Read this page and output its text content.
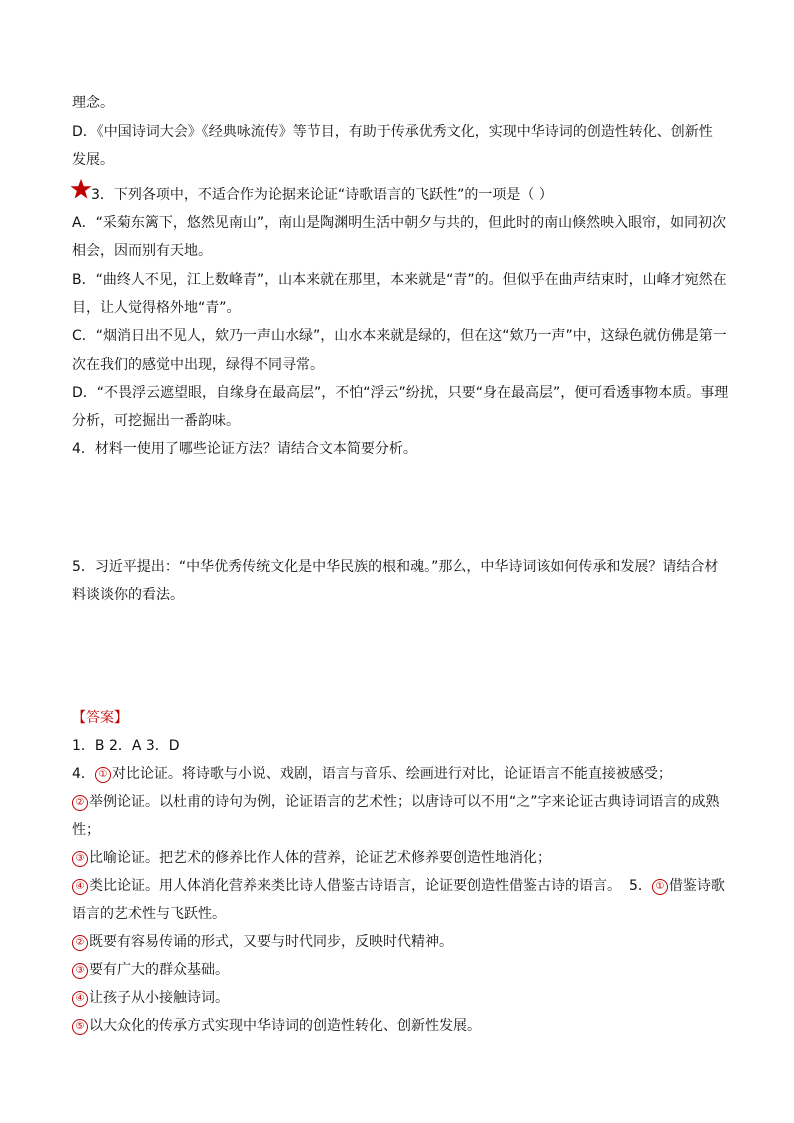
理念。
D．《中国诗词大会》《经典咏流传》等节目，有助于传承优秀文化，实现中华诗词的创造性转化、创新性
发展。
3．下列各项中，不适合作为论据来论证“诗歌语言的飞跃性”的一项是（ ）
A．“采菊东篱下，悠然见南山”，南山是陶渊明生活中朝夕与共的，但此时的南山倏然映入眼帘，如同初次
相会，因而别有天地。
B．“曲终人不见，江上数峰青”，山本来就在那里，本来就是“青”的。但似乎在曲声结束时，山峰才宛然在
目，让人觉得格外地“青”。
C．“烟消日出不见人，欸乃一声山水绿”，山水本来就是绿的，但在这“欸乃一声”中，这绿色就仿佛是第一
次在我们的感觉中出现，绿得不同寻常。
D．“不畏浮云遮望眼，自缘身在最高层”，不怕“浮云”纷扰，只要“身在最高层”，便可看透事物本质。事理
分析，可挖掘出一番韵味。
4．材料一使用了哪些论证方法？请结合文本简要分析。
5．习近平提出：“中华优秀传统文化是中华民族的根和魂。”那么，中华诗词该如何传承和发展？请结合材
料谈谈你的看法。
【答案】
1．B 2．A 3．D
4． ① 对比论证。将诗歌与小说、戏剧，语言与音乐、绘画进行对比，论证语言不能直接被感受；
② 举例论证。以杜甫的诗句为例，论证语言的艺术性；以唐诗可以不用“之”字来论证古典诗词语言的成熟
性；
③ 比喻论证。把艺术的修养比作人体的营养，论证艺术修养要创造性地消化；
④ 类比论证。用人体消化营养来类比诗人借鉴古诗语言，论证要创造性借鉴古诗的语言。 5． ① 借鉴诗歌
语言的艺术性与飞跃性。
② 既要有容易传诵的形式，又要与时代同步，反映时代精神。
③ 要有广大的群众基础。
④ 让孩子从小接触诗词。
⑤ 以大众化的传承方式实现中华诗词的创造性转化、创新性发展。
